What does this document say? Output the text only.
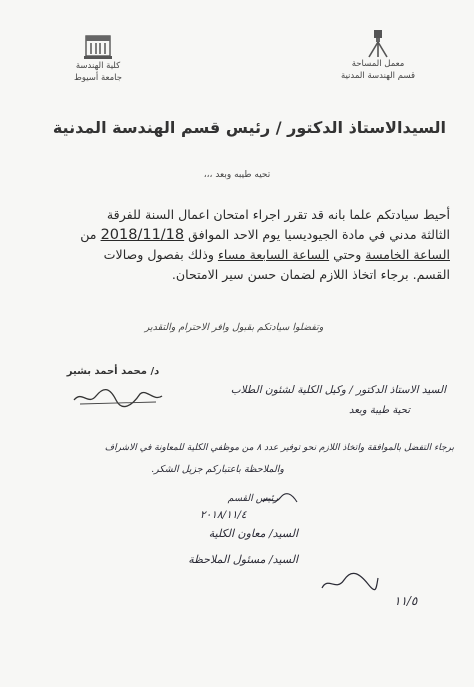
كلية الهندسة
جامعة أسيوط
معمل المساحة
قسم الهندسة المدنية
السيدالاستاذ الدكتور / رئيس قسم الهندسة المدنية
تحيه طيبه وبعد ،،،
أحيط سيادتكم علما بانه قد تقرر اجراء امتحان اعمال السنة للفرقة
الثالثة مدني في مادة الجيوديسيا يوم الاحد الموافق 2018/11/18 من
الساعة الخامسة وحتي الساعة السابعة مساء وذلك بفصول وصالات
القسم. برجاء اتخاذ اللازم لضمان حسن سير الامتحان.
وتفضلوا سيادتكم بقبول وافر الاحترام والتقدير
د/ محمد أحمد بشير
السيد الاستاذ الدكتور / وكيل الكلية لشئون الطلاب
تحية طيبة وبعد
برجاء التفضل بالموافقة واتخاذ اللازم نحو توفير عدد ٨ من موظفي الكلية للمعاونة في الاشراف
والملاحظة باعتباركم جزيل الشكر.
رئيس القسم
٢٠١٨/١١/٤
السيد/ معاون الكلية
السيد/ مسئول الملاحظة
١١/٥
